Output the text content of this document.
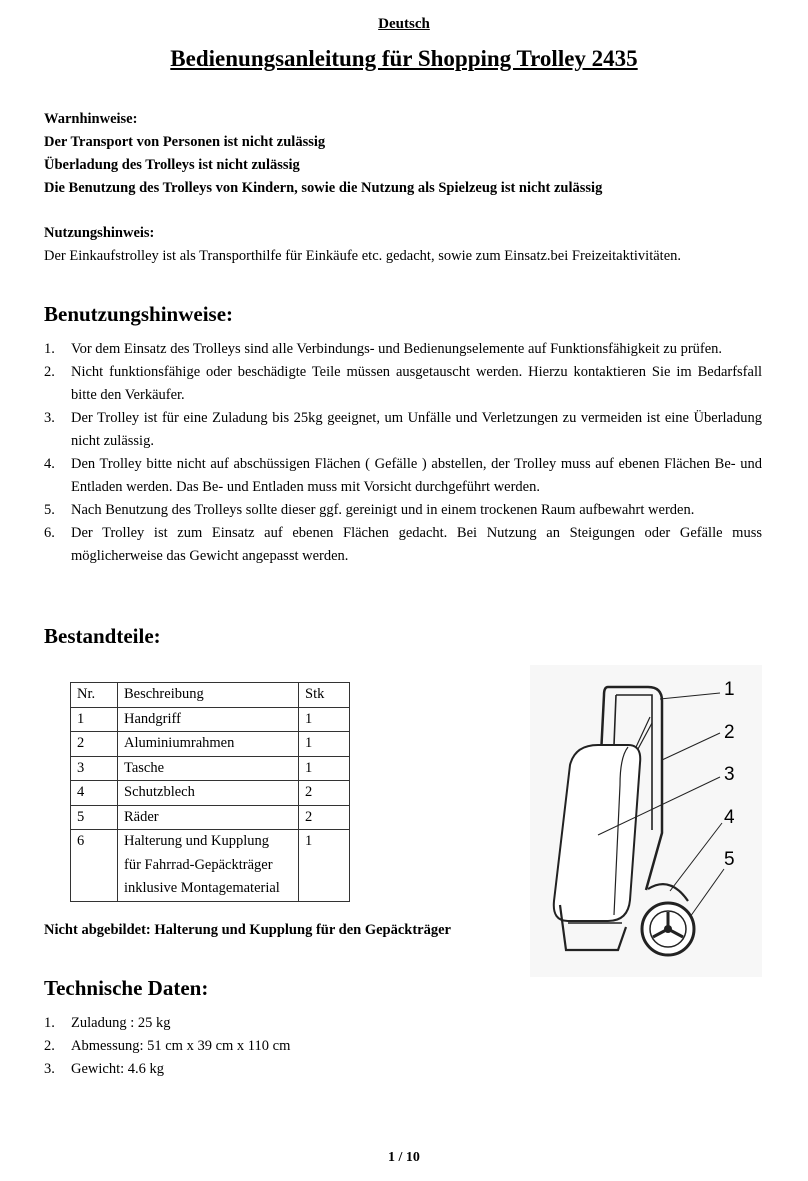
Deutsch
Bedienungsanleitung für Shopping Trolley 2435
Warnhinweise:
Der Transport von Personen ist nicht zulässig
Überladung des Trolleys ist nicht zulässig
Die Benutzung des Trolleys von Kindern, sowie die Nutzung als Spielzeug ist nicht zulässig
Nutzungshinweis:
Der Einkaufstrolley ist als Transporthilfe für Einkäufe etc. gedacht, sowie zum Einsatz.bei Freizeitaktivitäten.
Benutzungshinweise:
1. Vor dem Einsatz des Trolleys sind alle Verbindungs- und Bedienungselemente auf Funktionsfähigkeit zu prüfen.
2. Nicht funktionsfähige oder beschädigte Teile müssen ausgetauscht werden. Hierzu kontaktieren Sie im Bedarfsfall bitte den Verkäufer.
3. Der Trolley ist für eine Zuladung bis 25kg geeignet, um Unfälle und Verletzungen zu vermeiden ist eine Überladung nicht zulässig.
4. Den Trolley bitte nicht auf abschüssigen Flächen ( Gefälle ) abstellen, der Trolley muss auf ebenen Flächen Be- und Entladen werden. Das Be- und Entladen muss mit Vorsicht durchgeführt werden.
5. Nach Benutzung des Trolleys sollte dieser ggf. gereinigt und in einem trockenen Raum aufbewahrt werden.
6. Der Trolley ist zum Einsatz auf ebenen Flächen gedacht. Bei Nutzung an Steigungen oder Gefälle muss möglicherweise das Gewicht angepasst werden.
Bestandteile:
Nr.	Beschreibung	Stk
1	Handgriff	1
2	Aluminiumrahmen	1
3	Tasche	1
4	Schutzblech	2
5	Räder	2
6	Halterung und Kupplung
für Fahrrad-Gepäckträger
inklusive Montagematerial	1
Nicht abgebildet: Halterung und Kupplung für den Gepäckträger
1
2
3
4
5
Technische Daten:
1. Zuladung : 25 kg
2. Abmessung: 51 cm x 39 cm x 110 cm
3. Gewicht: 4.6 kg
1 / 10
